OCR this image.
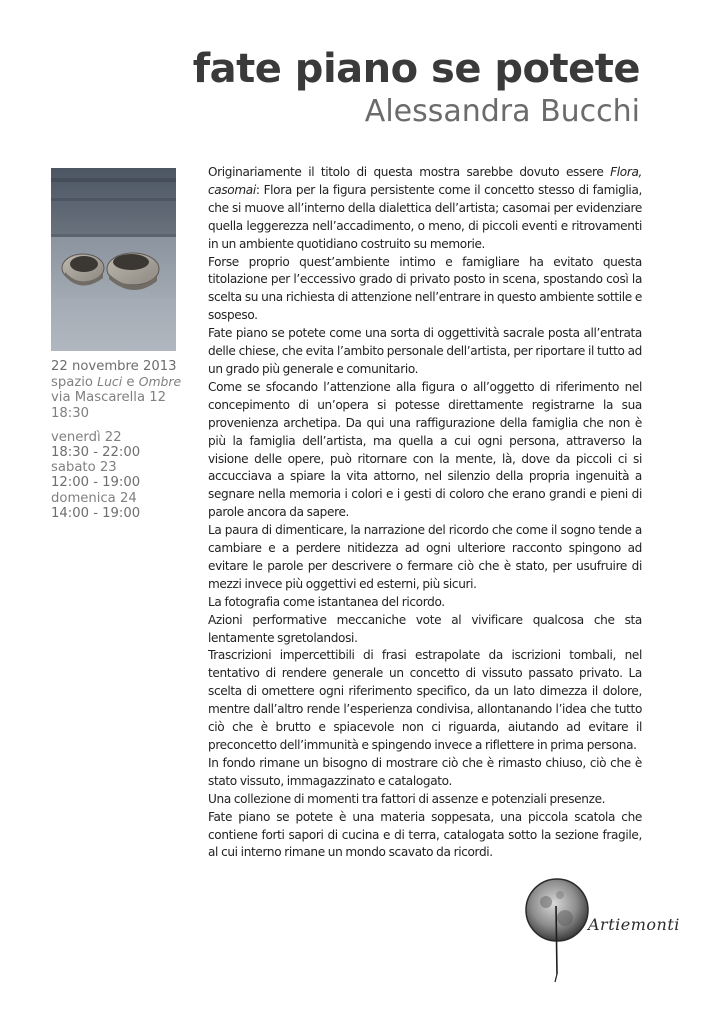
fate piano se potete
Alessandra Bucchi
22 novembre 2013
spazio Luci e Ombre
via Mascarella 12
18:30
venerdì 22
18:30 - 22:00
sabato 23
12:00 - 19:00
domenica 24
14:00 - 19:00

Originariamente il titolo di questa mostra sarebbe dovuto essere Flora, casomai: Flora per la figura persistente come il concetto stesso di famiglia, che si muove all’interno della dialettica dell’artista; casomai per evidenziare quella leggerezza nell’accadimento, o meno, di piccoli eventi e ritrovamenti in un ambiente quotidiano costruito su memorie.

Forse proprio quest’ambiente intimo e famigliare ha evitato questa titolazione per l’eccessivo grado di privato posto in scena, spostando così la scelta su una richiesta di attenzione nell’entrare in questo ambiente sottile e sospeso.

Fate piano se potete come una sorta di oggettività sacrale posta all’entrata delle chiese, che evita l’ambito personale dell’artista, per riportare il tutto ad un grado più generale e comunitario.

Come se sfocando l’attenzione alla figura o all’oggetto di riferimento nel concepimento di un’opera si potesse direttamente registrarne la sua provenienza archetipa. Da qui una raffigurazione della famiglia che non è più la famiglia dell’artista, ma quella a cui ogni persona, attraverso la visione delle opere, può ritornare con la mente, là, dove da piccoli ci si accucciava a spiare la vita attorno, nel silenzio della propria ingenuità a segnare nella memoria i colori e i gesti di coloro che erano grandi e pieni di parole ancora da sapere.

La paura di dimenticare, la narrazione del ricordo che come il sogno tende a cambiare e a perdere nitidezza ad ogni ulteriore racconto spingono ad evitare le parole per descrivere o fermare ciò che è stato, per usufruire di mezzi invece più oggettivi ed esterni, più sicuri.

La fotografia come istantanea del ricordo.

Azioni performative meccaniche vote al vivificare qualcosa che sta lentamente sgretolandosi.

Trascrizioni impercettibili di frasi estrapolate da iscrizioni tombali, nel tentativo di rendere generale un concetto di vissuto passato privato. La scelta di omettere ogni riferimento specifico, da un lato dimezza il dolore, mentre dall’altro rende l’esperienza condivisa, allontanando l’idea che tutto ciò che è brutto e spiacevole non ci riguarda, aiutando ad evitare il preconcetto dell’immunità e spingendo invece a riflettere in prima persona.

In fondo rimane un bisogno di mostrare ciò che è rimasto chiuso, ciò che è stato vissuto, immagazzinato e catalogato.

Una collezione di momenti tra fattori di assenze e potenziali presenze.

Fate piano se potete è una materia soppesata, una piccola scatola che contiene forti sapori di cucina e di terra, catalogata sotto la sezione fragile, al cui interno rimane un mondo scavato da ricordi.

Artiemonti
